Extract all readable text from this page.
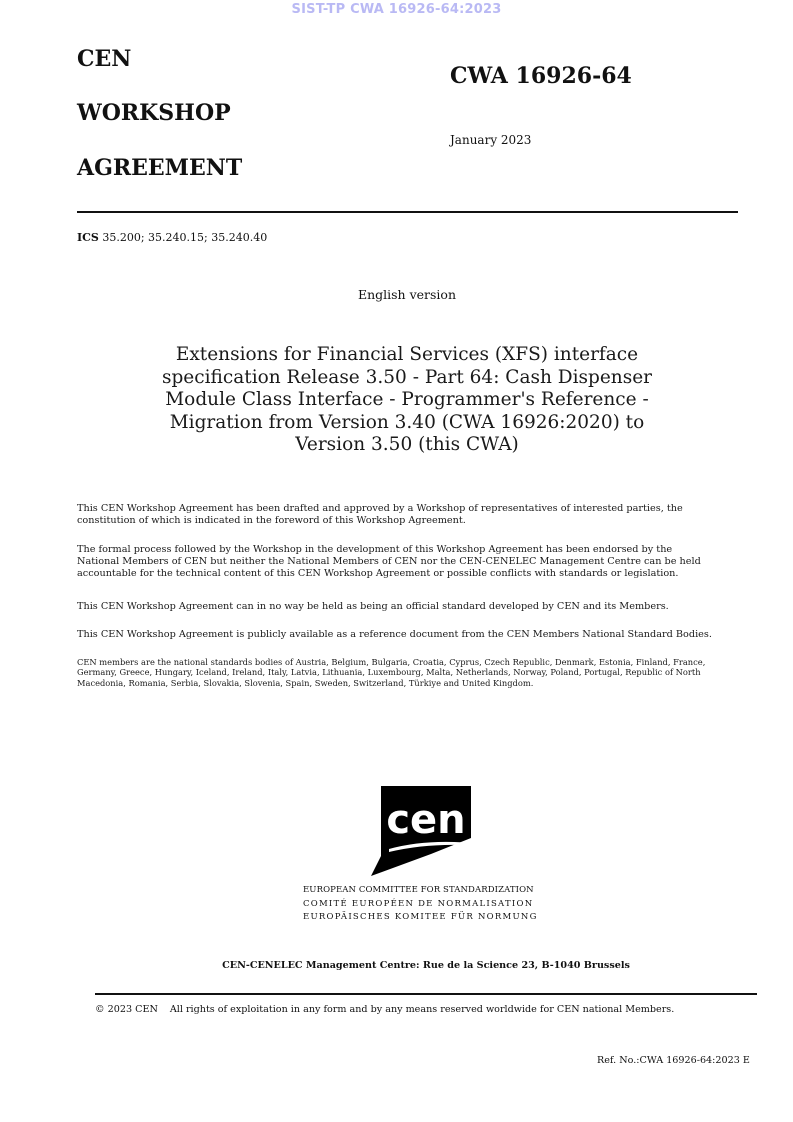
SIST-TP CWA 16926-64:2023
CEN
WORKSHOP
AGREEMENT
CWA 16926-64
January 2023
ICS 35.200; 35.240.15; 35.240.40
English version
Extensions for Financial Services (XFS) interface
specification Release 3.50 - Part 64: Cash Dispenser
Module Class Interface - Programmer's Reference -
Migration from Version 3.40 (CWA 16926:2020) to
Version 3.50 (this CWA)
This CEN Workshop Agreement has been drafted and approved by a Workshop of representatives of interested parties, the
constitution of which is indicated in the foreword of this Workshop Agreement.
The formal process followed by the Workshop in the development of this Workshop Agreement has been endorsed by the
National Members of CEN but neither the National Members of CEN nor the CEN-CENELEC Management Centre can be held
accountable for the technical content of this CEN Workshop Agreement or possible conflicts with standards or legislation.
This CEN Workshop Agreement can in no way be held as being an official standard developed by CEN and its Members.
This CEN Workshop Agreement is publicly available as a reference document from the CEN Members National Standard Bodies.
CEN members are the national standards bodies of Austria, Belgium, Bulgaria, Croatia, Cyprus, Czech Republic, Denmark, Estonia, Finland, France,
Germany, Greece, Hungary, Iceland, Ireland, Italy, Latvia, Lithuania, Luxembourg, Malta, Netherlands, Norway, Poland, Portugal, Republic of North
Macedonia, Romania, Serbia, Slovakia, Slovenia, Spain, Sweden, Switzerland, Türkiye and United Kingdom.
cen
EUROPEAN COMMITTEE FOR STANDARDIZATION
COMITÉ EUROPÉEN DE NORMALISATION
EUROPÄISCHES KOMITEE FÜR NORMUNG
CEN-CENELEC Management Centre: Rue de la Science 23, B-1040 Brussels
© 2023 CEN All rights of exploitation in any form and by any means reserved worldwide for CEN national Members.
Ref. No.:CWA 16926-64:2023 E
